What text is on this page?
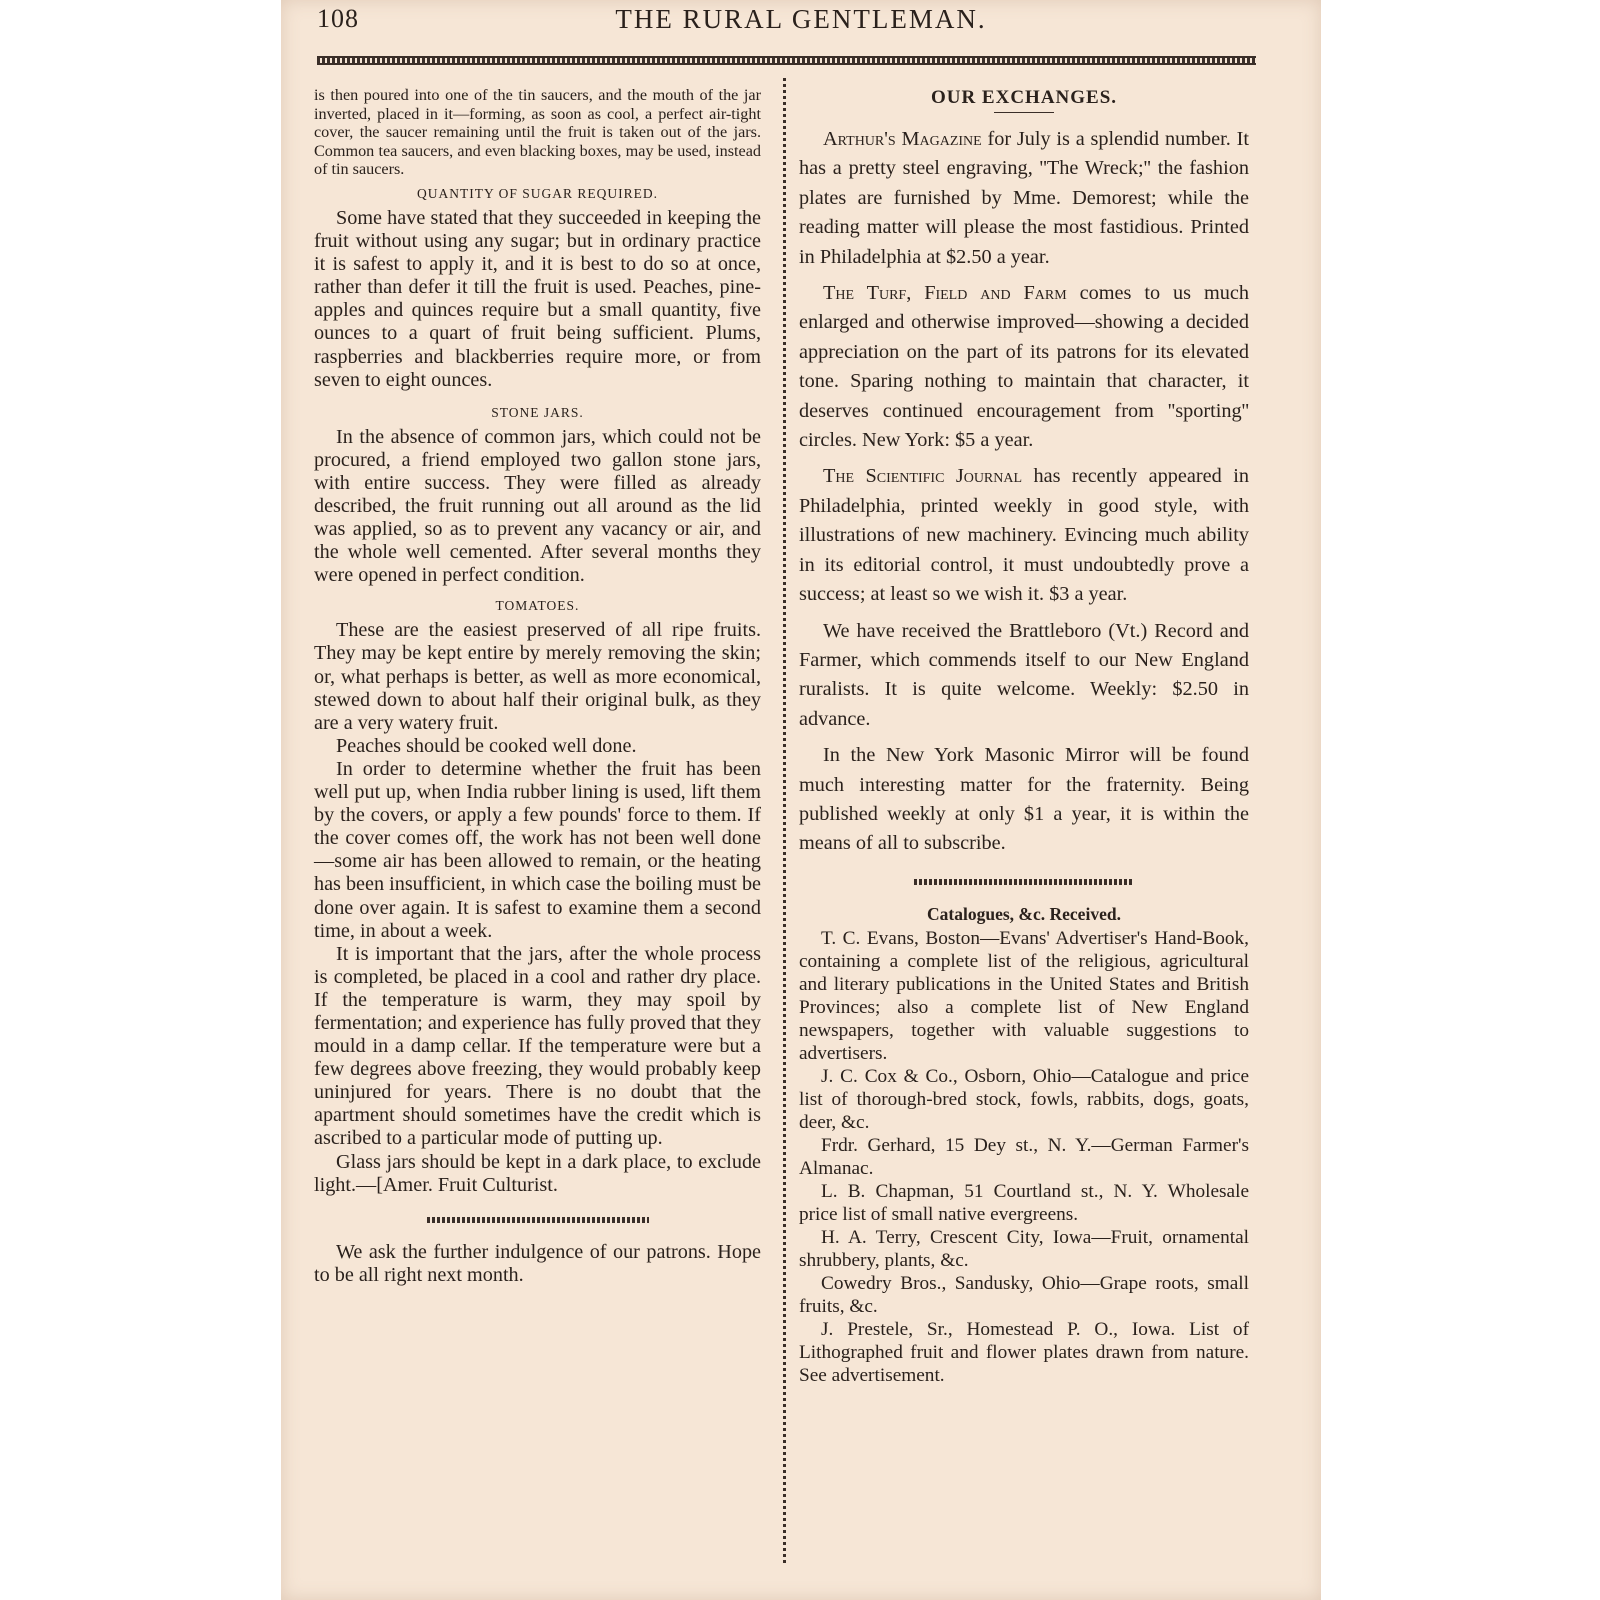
108	THE RURAL GENTLEMAN.

is then poured into one of the tin saucers, and the mouth of the jar inverted, placed in it—forming, as soon as cool, a perfect air-tight cover, the saucer remaining until the fruit is taken out of the jars. Common tea saucers, and even blacking boxes, may be used, instead of tin saucers.

QUANTITY OF SUGAR REQUIRED.

Some have stated that they succeeded in keeping the fruit without using any sugar; but in ordinary practice it is safest to apply it, and it is best to do so at once, rather than defer it till the fruit is used. Peaches, pine-apples and quinces require but a small quantity, five ounces to a quart of fruit being sufficient. Plums, raspberries and blackberries require more, or from seven to eight ounces.

STONE JARS.

In the absence of common jars, which could not be procured, a friend employed two gallon stone jars, with entire success. They were filled as already described, the fruit running out all around as the lid was applied, so as to prevent any vacancy or air, and the whole well cemented. After several months they were opened in perfect condition.

TOMATOES.

These are the easiest preserved of all ripe fruits. They may be kept entire by merely removing the skin; or, what perhaps is better, as well as more economical, stewed down to about half their original bulk, as they are a very watery fruit.

Peaches should be cooked well done.

In order to determine whether the fruit has been well put up, when India rubber lining is used, lift them by the covers, or apply a few pounds' force to them. If the cover comes off, the work has not been well done—some air has been allowed to remain, or the heating has been insufficient, in which case the boiling must be done over again. It is safest to examine them a second time, in about a week.

It is important that the jars, after the whole process is completed, be placed in a cool and rather dry place. If the temperature is warm, they may spoil by fermentation; and experience has fully proved that they mould in a damp cellar. If the temperature were but a few degrees above freezing, they would probably keep uninjured for years. There is no doubt that the apartment should sometimes have the credit which is ascribed to a particular mode of putting up.

Glass jars should be kept in a dark place, to exclude light.—[Amer. Fruit Culturist.

We ask the further indulgence of our patrons. Hope to be all right next month.

OUR EXCHANGES.

Arthur's Magazine for July is a splendid number. It has a pretty steel engraving, ''The Wreck;'' the fashion plates are furnished by Mme. Demorest; while the reading matter will please the most fastidious. Printed in Philadelphia at $2.50 a year.

The Turf, Field and Farm comes to us much enlarged and otherwise improved—showing a decided appreciation on the part of its patrons for its elevated tone. Sparing nothing to maintain that character, it deserves continued encouragement from ''sporting'' circles. New York: $5 a year.

The Scientific Journal has recently appeared in Philadelphia, printed weekly in good style, with illustrations of new machinery. Evincing much ability in its editorial control, it must undoubtedly prove a success; at least so we wish it. $3 a year.

We have received the Brattleboro (Vt.) Record and Farmer, which commends itself to our New England ruralists. It is quite welcome. Weekly: $2.50 in advance.

In the New York Masonic Mirror will be found much interesting matter for the fraternity. Being published weekly at only $1 a year, it is within the means of all to subscribe.

Catalogues, &c. Received.

T. C. Evans, Boston—Evans' Advertiser's Hand-Book, containing a complete list of the religious, agricultural and literary publications in the United States and British Provinces; also a complete list of New England newspapers, together with valuable suggestions to advertisers.

J. C. Cox & Co., Osborn, Ohio—Catalogue and price list of thorough-bred stock, fowls, rabbits, dogs, goats, deer, &c.

Frdr. Gerhard, 15 Dey st., N. Y.—German Farmer's Almanac.

L. B. Chapman, 51 Courtland st., N. Y. Wholesale price list of small native evergreens.

H. A. Terry, Crescent City, Iowa—Fruit, ornamental shrubbery, plants, &c.

Cowedry Bros., Sandusky, Ohio—Grape roots, small fruits, &c.

J. Prestele, Sr., Homestead P. O., Iowa. List of Lithographed fruit and flower plates drawn from nature. See advertisement.
